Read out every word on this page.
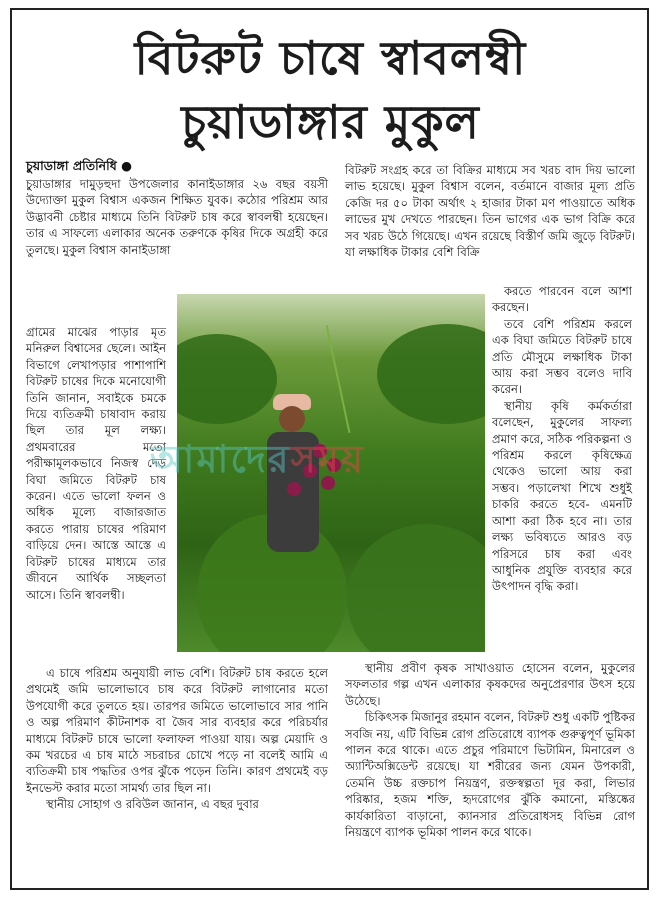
বিটরুট চাষে স্বাবলম্বী
চুয়াডাঙ্গার মুকুল
চুয়াডাঙ্গা প্রতিনিধি ●

চুয়াডাঙ্গার দামুড়হুদা উপজেলার কানাইডাঙ্গার ২৬ বছর বয়সী উদ্যোক্তা মুকুল বিশ্বাস একজন শিক্ষিত যুবক। কঠোর পরিশ্রম আর উদ্ভাবনী চেষ্টার মাধ্যমে তিনি বিটরুট চাষ করে স্বাবলম্বী হয়েছেন। তার এ সাফল্যে এলাকার অনেক তরুণকে কৃষির দিকে অগ্রহী করে তুলছে। মুকুল বিশ্বাস কানাইডাঙ্গা

গ্রামের মাঝের পাড়ার মৃত মনিরুল বিশ্বাসের ছেলে। আইন বিভাগে লেখাপড়ার পাশাপাশি বিটরুট চাষের দিকে মনোযোগী তিনি জানান, সবাইকে চমকে দিয়ে ব্যতিক্রমী চাষাবাদ করায় ছিল তার মূল লক্ষ্য। প্রথমবারের মতো পরীক্ষামূলকভাবে নিজস্ব দেড় বিঘা জমিতে বিটরুট চাষ করেন। এতে ভালো ফলন ও অধিক মূল্যে বাজারজাত করতে পারায় চাষের পরিমাণ বাড়িয়ে দেন। আস্তে আস্তে এ বিটরুট চাষের মাধ্যমে তার জীবনে আর্থিক সচ্ছলতা আসে। তিনি স্বাবলম্বী।

আমাদেরসময়

বিটরুট সংগ্রহ করে তা বিক্রির মাধ্যমে সব খরচ বাদ দিয় ভালো লাভ হয়েছে। মুকুল বিশ্বাস বলেন, বর্তমানে বাজার মূল্য প্রতি কেজি দর ৫০ টাকা অর্থাৎ ২ হাজার টাকা মণ পাওয়াতে অধিক লাভের মুখ দেখতে পারছেন। তিন ভাগের এক ভাগ বিক্রি করে সব খরচ উঠে গিয়েছে। এখন রয়েছে বিস্তীর্ণ জমি জুড়ে বিটরুট। যা লক্ষাধিক টাকার বেশি বিক্রি

করতে পারবেন বলে আশা করছেন।

তবে বেশি পরিশ্রম করলে এক বিঘা জমিতে বিটরুট চাষে প্রতি মৌসুমে লক্ষাধিক টাকা আয় করা সম্ভব বলেও দাবি করেন।

স্থানীয় কৃষি কর্মকর্তারা বলেছেন, মুকুলের সাফল্য প্রমাণ করে, সঠিক পরিকল্পনা ও পরিশ্রম করলে কৃষিক্ষেত্র থেকেও ভালো আয় করা সম্ভব। পড়ালেখা শিখে শুধুই চাকরি করতে হবে- এমনটি আশা করা ঠিক হবে না। তার লক্ষ্য ভবিষ্যতে আরও বড় পরিসরে চাষ করা এবং আধুনিক প্রযুক্তি ব্যবহার করে উৎপাদন বৃদ্ধি করা।

স্থানীয় প্রবীণ কৃষক সাখাওয়াত হোসেন বলেন, মুকুলের সফলতার গল্প এখন এলাকার কৃষকদের অনুপ্রেরণার উৎস হয়ে উঠেছে।

চিকিৎসক মিজানুর রহমান বলেন, বিটরুট শুধু একটি পুষ্টিকর সবজি নয়, এটি বিভিন্ন রোগ প্রতিরোধে ব্যাপক গুরুত্বপূর্ণ ভূমিকা পালন করে থাকে। এতে প্রচুর পরিমাণে ভিটামিন, মিনারেল ও অ্যান্টিঅক্সিডেন্ট রয়েছে। যা শরীরের জন্য যেমন উপকারী, তেমনি উচ্চ রক্তচাপ নিয়ন্ত্রণ, রক্তস্বল্পতা দূর করা, লিভার পরিষ্কার, হজম শক্তি, হৃদরোগের ঝুঁকি কমানো, মস্তিষ্কের কার্যকারিতা বাড়ানো, ক্যানসার প্রতিরোধসহ বিভিন্ন রোগ নিয়ন্ত্রণে ব্যাপক ভূমিকা পালন করে থাকে।

এ চাষে পরিশ্রম অনুযায়ী লাভ বেশি। বিটরুট চাষ করতে হলে প্রথমেই জমি ভালোভাবে চাষ করে বিটরুট লাগানোর মতো উপযোগী করে তুলতে হয়। তারপর জমিতে ভালোভাবে সার পানি ও অল্প পরিমাণ কীটনাশক বা জৈব সার ব্যবহার করে পরিচর্যার মাধ্যমে বিটরুট চাষে ভালো ফলাফল পাওয়া যায়। অল্প মেয়াদি ও কম খরচের এ চাষ মাঠে সচরাচর চোখে পড়ে না বলেই আমি এ ব্যতিক্রমী চাষ পদ্ধতির ওপর ঝুঁকে পড়েন তিনি। কারণ প্রথমেই বড় ইনভেস্ট করার মতো সামর্থ্য তার ছিল না।

স্থানীয় সোহাগ ও রবিউল জানান, এ বছর দুবার
